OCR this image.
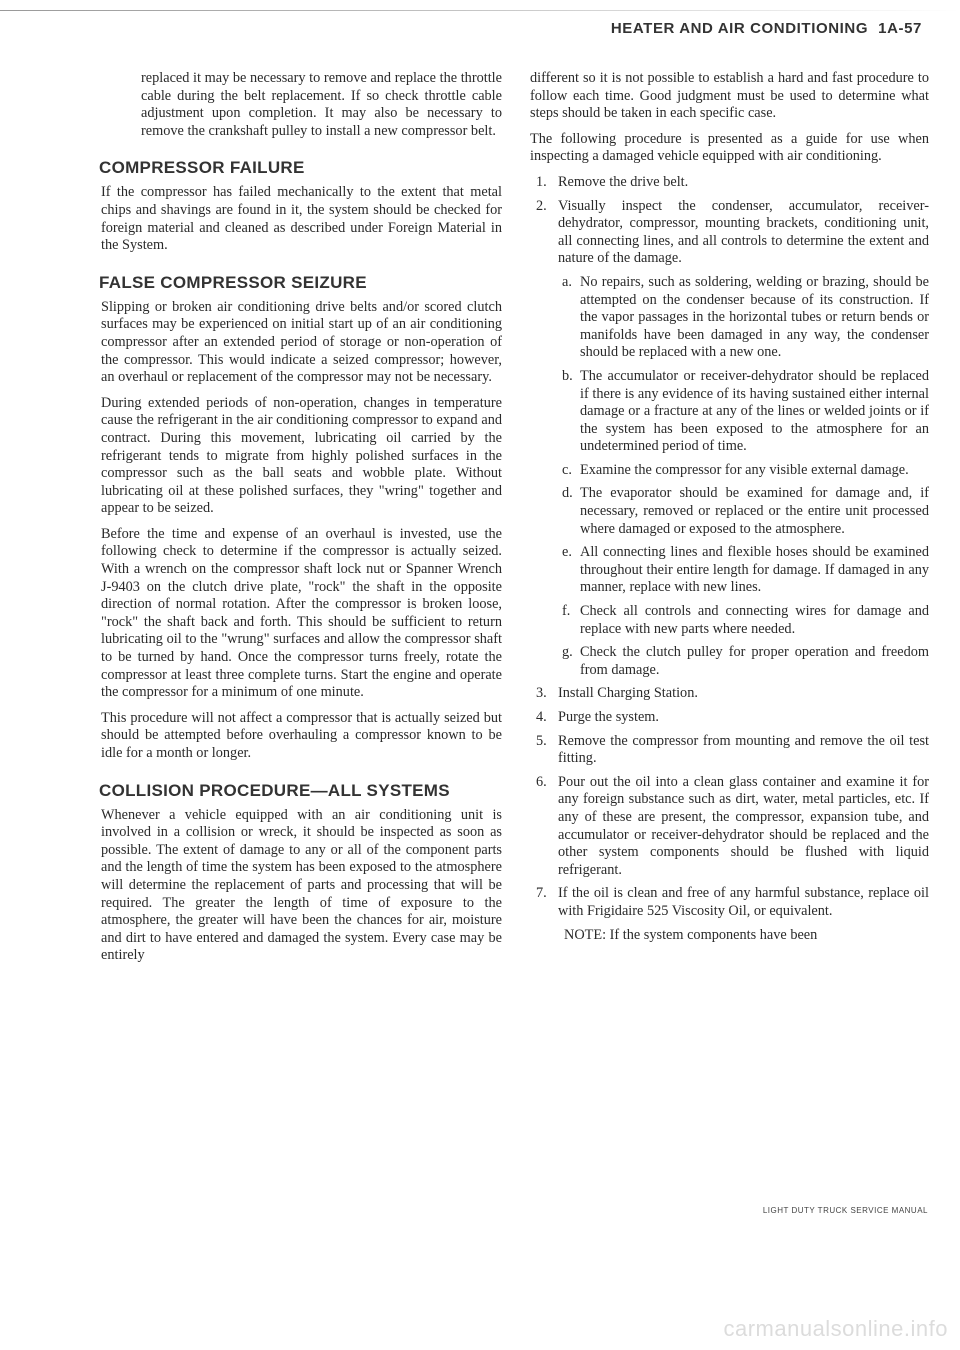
HEATER AND AIR CONDITIONING 1A-57

replaced it may be necessary to remove and replace the throttle cable during the belt replacement. If so check throttle cable adjustment upon completion. It may also be necessary to remove the crankshaft pulley to install a new compressor belt.

COMPRESSOR FAILURE

If the compressor has failed mechanically to the extent that metal chips and shavings are found in it, the system should be checked for foreign material and cleaned as described under Foreign Material in the System.

FALSE COMPRESSOR SEIZURE

Slipping or broken air conditioning drive belts and/or scored clutch surfaces may be experienced on initial start up of an air conditioning compressor after an extended period of storage or non-operation of the compressor. This would indicate a seized compressor; however, an overhaul or replacement of the compressor may not be necessary.

During extended periods of non-operation, changes in temperature cause the refrigerant in the air conditioning compressor to expand and contract. During this movement, lubricating oil carried by the refrigerant tends to migrate from highly polished surfaces in the compressor such as the ball seats and wobble plate. Without lubricating oil at these polished surfaces, they "wring" together and appear to be seized.

Before the time and expense of an overhaul is invested, use the following check to determine if the compressor is actually seized. With a wrench on the compressor shaft lock nut or Spanner Wrench J-9403 on the clutch drive plate, "rock" the shaft in the opposite direction of normal rotation. After the compressor is broken loose, "rock" the shaft back and forth. This should be sufficient to return lubricating oil to the "wrung" surfaces and allow the compressor shaft to be turned by hand. Once the compressor turns freely, rotate the compressor at least three complete turns. Start the engine and operate the compressor for a minimum of one minute.

This procedure will not affect a compressor that is actually seized but should be attempted before overhauling a compressor known to be idle for a month or longer.

COLLISION PROCEDURE—ALL SYSTEMS

Whenever a vehicle equipped with an air conditioning unit is involved in a collision or wreck, it should be inspected as soon as possible. The extent of damage to any or all of the component parts and the length of time the system has been exposed to the atmosphere will determine the replacement of parts and processing that will be required. The greater the length of time of exposure to the atmosphere, the greater will have been the chances for air, moisture and dirt to have entered and damaged the system. Every case may be entirely

different so it is not possible to establish a hard and fast procedure to follow each time. Good judgment must be used to determine what steps should be taken in each specific case.

The following procedure is presented as a guide for use when inspecting a damaged vehicle equipped with air conditioning.

1. Remove the drive belt.
2. Visually inspect the condenser, accumulator, receiver-dehydrator, compressor, mounting brackets, conditioning unit, all connecting lines, and all controls to determine the extent and nature of the damage.
a. No repairs, such as soldering, welding or brazing, should be attempted on the condenser because of its construction. If the vapor passages in the horizontal tubes or return bends or manifolds have been damaged in any way, the condenser should be replaced with a new one.
b. The accumulator or receiver-dehydrator should be replaced if there is any evidence of its having sustained either internal damage or a fracture at any of the lines or welded joints or if the system has been exposed to the atmosphere for an undetermined period of time.
c. Examine the compressor for any visible external damage.
d. The evaporator should be examined for damage and, if necessary, removed or replaced or the entire unit processed where damaged or exposed to the atmosphere.
e. All connecting lines and flexible hoses should be examined throughout their entire length for damage. If damaged in any manner, replace with new lines.
f. Check all controls and connecting wires for damage and replace with new parts where needed.
g. Check the clutch pulley for proper operation and freedom from damage.
3. Install Charging Station.
4. Purge the system.
5. Remove the compressor from mounting and remove the oil test fitting.
6. Pour out the oil into a clean glass container and examine it for any foreign substance such as dirt, water, metal particles, etc. If any of these are present, the compressor, expansion tube, and accumulator or receiver-dehydrator should be replaced and the other system components should be flushed with liquid refrigerant.
7. If the oil is clean and free of any harmful substance, replace oil with Frigidaire 525 Viscosity Oil, or equivalent.

NOTE: If the system components have been

LIGHT DUTY TRUCK SERVICE MANUAL
carmanualsonline.info
